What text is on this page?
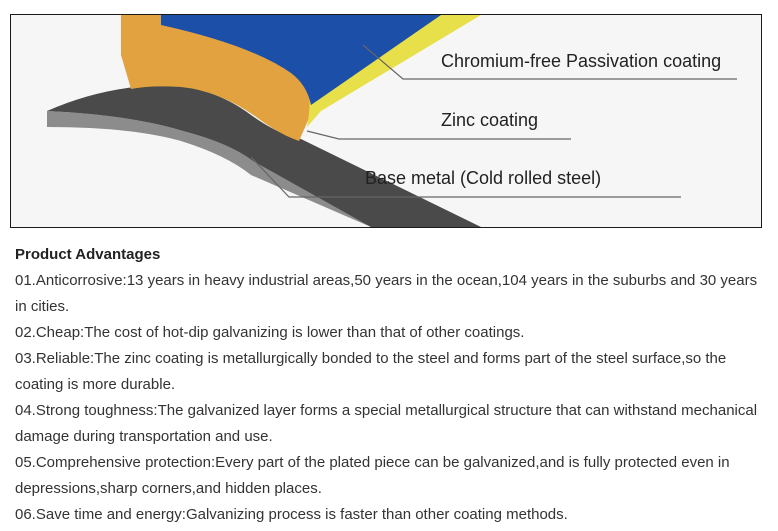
Chromium-free Passivation coating
Zinc coating
Base metal (Cold rolled steel)

Product Advantages

01.Anticorrosive:13 years in heavy industrial areas,50 years in the ocean,104 years in the suburbs and 30 years in cities.

02.Cheap:The cost of hot-dip galvanizing is lower than that of other coatings.

03.Reliable:The zinc coating is metallurgically bonded to the steel and forms part of the steel surface,so the coating is more durable.

04.Strong toughness:The galvanized layer forms a special metallurgical structure that can withstand mechanical damage during transportation and use.

05.Comprehensive protection:Every part of the plated piece can be galvanized,and is fully protected even in depressions,sharp corners,and hidden places.

06.Save time and energy:Galvanizing process is faster than other coating methods.
